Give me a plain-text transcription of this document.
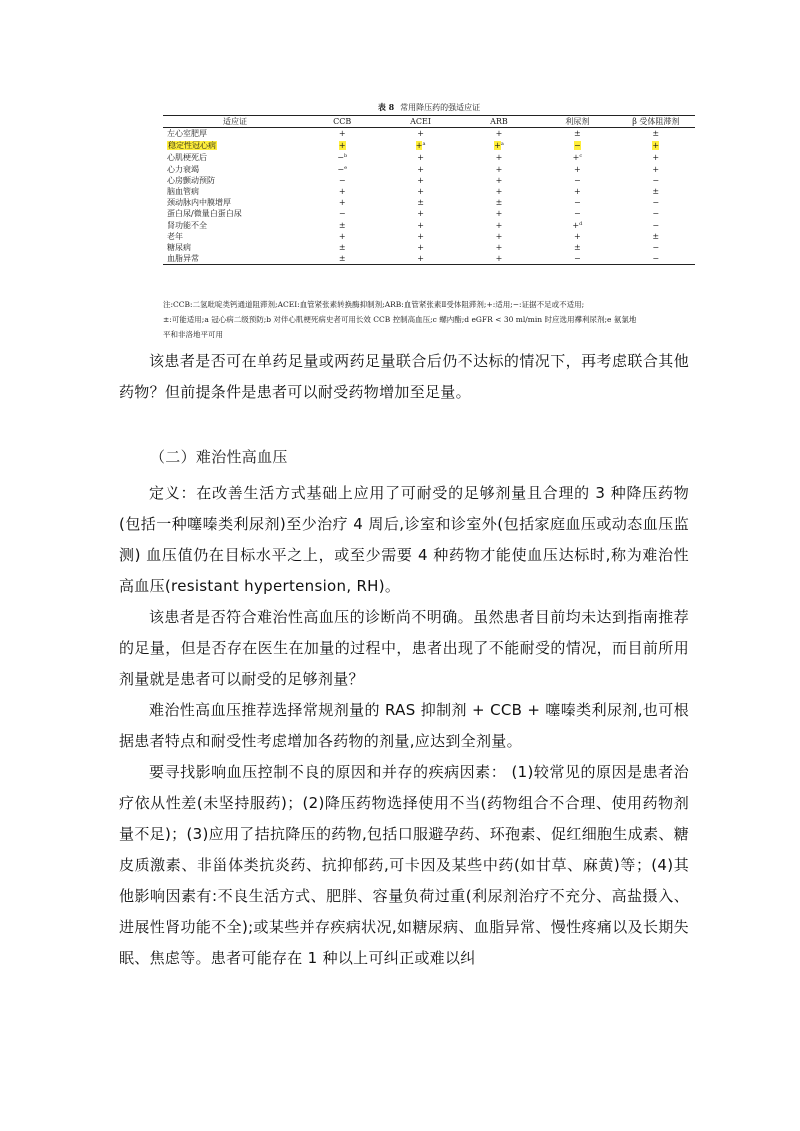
表 8 常用降压药的强适应证
适应证	CCB	ACEI	ARB	利尿剂	β 受体阻滞剂
左心室肥厚	+	+	+	±	±
稳定性冠心病	+	+$^a$	+$^a$	−	+
心肌梗死后	−$^b$	+	+	+$^c$	+
心力衰竭	−$^e$	+	+	+	+
心房颤动预防	−	+	+	−	−
脑血管病	+	+	+	+	±
颈动脉内中膜增厚	+	±	±	−	−
蛋白尿/微量白蛋白尿	−	+	+	−	−
肾功能不全	±	+	+	+$^d$	−
老年	+	+	+	+	±
糖尿病	±	+	+	±	−
血脂异常	±	+	+	−	−
注:CCB:二氢吡啶类钙通道阻滞剂;ACEI:血管紧张素转换酶抑制剂;ARB:血管紧张素Ⅱ受体阻滞剂;+:适用;−:证据不足或不适用;
±:可能适用;a 冠心病二级预防;b 对伴心肌梗死病史者可用长效 CCB 控制高血压;c 螺内酯;d eGFR < 30 ml/min 时应选用襻利尿剂;e 氨氯地
平和非洛地平可用
该患者是否可在单药足量或两药足量联合后仍不达标的情况下，再考虑联合其他药物？但前提条件是患者可以耐受药物增加至足量。
（二）难治性高血压
定义：在改善生活方式基础上应用了可耐受的足够剂量且合理的 3 种降压药物(包括一种噻嗪类利尿剂)至少治疗 4 周后,诊室和诊室外(包括家庭血压或动态血压监测) 血压值仍在目标水平之上，或至少需要 4 种药物才能使血压达标时,称为难治性高血压(resistant hypertension, RH)。
该患者是否符合难治性高血压的诊断尚不明确。虽然患者目前均未达到指南推荐的足量，但是否存在医生在加量的过程中，患者出现了不能耐受的情况，而目前所用剂量就是患者可以耐受的足够剂量？
难治性高血压推荐选择常规剂量的 RAS 抑制剂 + CCB + 噻嗪类利尿剂,也可根据患者特点和耐受性考虑增加各药物的剂量,应达到全剂量。
要寻找影响血压控制不良的原因和并存的疾病因素： (1)较常见的原因是患者治疗依从性差(未坚持服药)；(2)降压药物选择使用不当(药物组合不合理、使用药物剂量不足)；(3)应用了拮抗降压的药物,包括口服避孕药、环孢素、促红细胞生成素、糖皮质激素、非甾体类抗炎药、抗抑郁药,可卡因及某些中药(如甘草、麻黄)等；(4)其他影响因素有:不良生活方式、肥胖、容量负荷过重(利尿剂治疗不充分、高盐摄入、进展性肾功能不全);或某些并存疾病状况,如糖尿病、血脂异常、慢性疼痛以及长期失眠、焦虑等。患者可能存在 1 种以上可纠正或难以纠
